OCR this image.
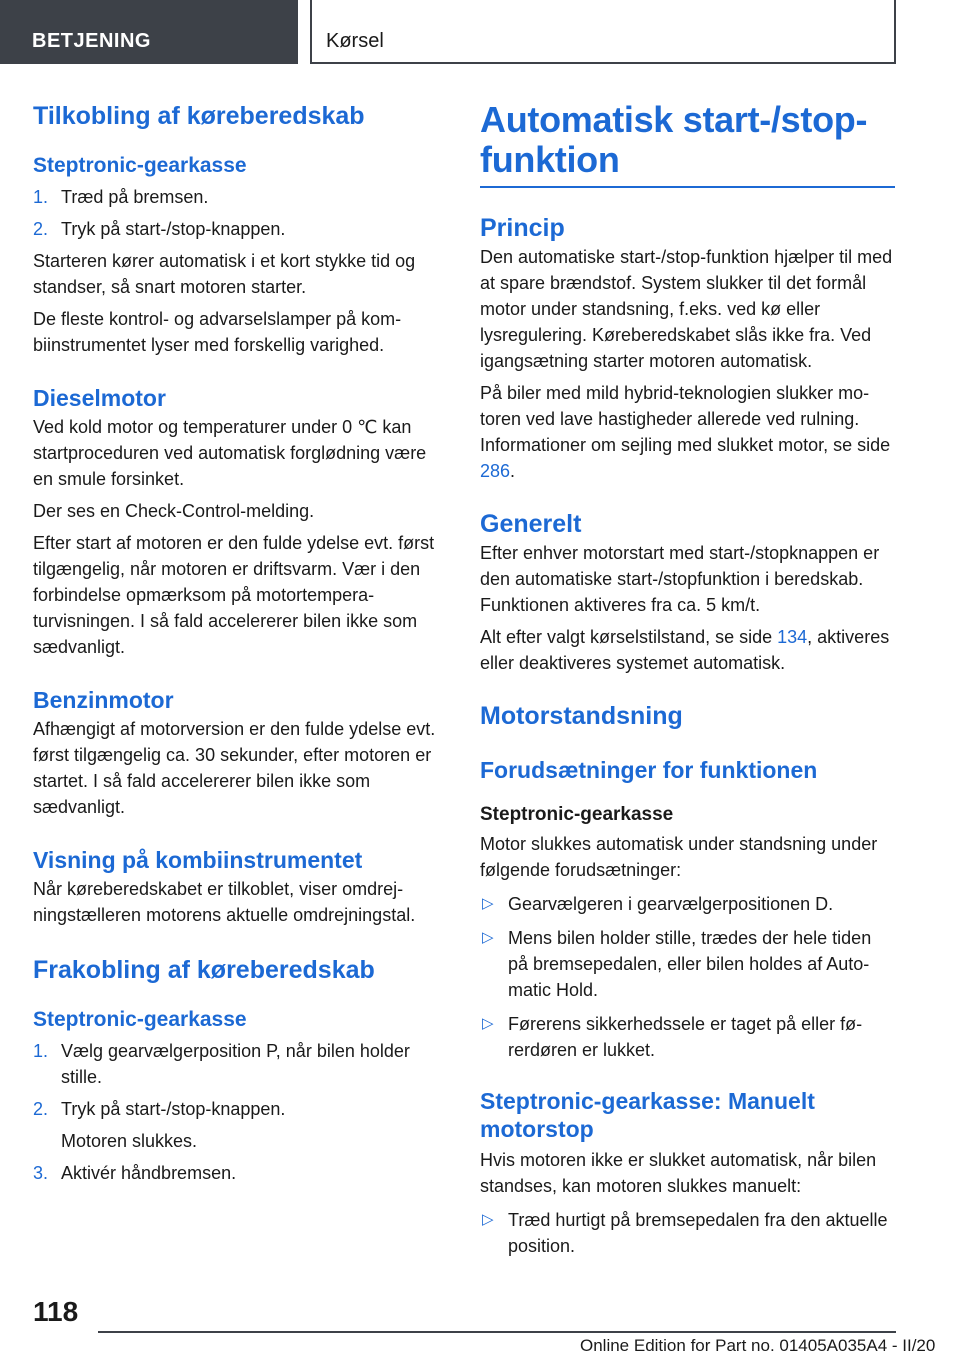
BETJENING	Kørsel
Tilkobling af køreberedskab
Steptronic-gearkasse
1. Træd på bremsen.
2. Tryk på start-/stop-knappen.

Starteren kører automatisk i et kort stykke tid og standser, så snart motoren starter.

De fleste kontrol- og advarselslamper på kombiinstrumentet lyser med forskellig varighed.

Dieselmotor

Ved kold motor og temperaturer under 0 ℃ kan startproceduren ved automatisk forglødning være en smule forsinket.

Der ses en Check-Control-melding.

Efter start af motoren er den fulde ydelse evt. først tilgængelig, når motoren er driftsvarm. Vær i den forbindelse opmærksom på motortemperaturvisningen. I så fald accelererer bilen ikke som sædvanligt.

Benzinmotor

Afhængigt af motorversion er den fulde ydelse evt. først tilgængelig ca. 30 sekunder, efter motoren er startet. I så fald accelererer bilen ikke som sædvanligt.

Visning på kombiinstrumentet

Når køreberedskabet er tilkoblet, viser omdrejningstælleren motorens aktuelle omdrejningstal.

Frakobling af køreberedskab
Steptronic-gearkasse
1. Vælg gearvælgerposition P, når bilen holder stille.
2. Tryk på start-/stop-knappen.
Motoren slukkes.
3. Aktivér håndbremsen.
Automatisk start-/stopfunktion
Princip

Den automatiske start-/stop-funktion hjælper til med at spare brændstof. System slukker til det formål motor under standsning, f.eks. ved kø eller lysregulering. Køreberedskabet slås ikke fra. Ved igangsætning starter motoren automatisk.

På biler med mild hybrid-teknologien slukker motoren ved lave hastigheder allerede ved rulning. Informationer om sejling med slukket motor, se side 286.

Generelt

Efter enhver motorstart med start-/stopknappen er den automatiske start-/stopfunktion i beredskab. Funktionen aktiveres fra ca. 5 km/t.

Alt efter valgt kørselstilstand, se side 134, aktiveres eller deaktiveres systemet automatisk.

Motorstandsning
Forudsætninger for funktionen
Steptronic-gearkasse

Motor slukkes automatisk under standsning under følgende forudsætninger:

▷ Gearvælgeren i gearvælgerpositionen D.
▷ Mens bilen holder stille, trædes der hele tiden på bremsepedalen, eller bilen holdes af Automatic Hold.
▷ Førerens sikkerhedssele er taget på eller førerdøren er lukket.
Steptronic-gearkasse: Manuelt motorstop

Hvis motoren ikke er slukket automatisk, når bilen standses, kan motoren slukkes manuelt:

▷ Træd hurtigt på bremsepedalen fra den aktuelle position.
118
Online Edition for Part no. 01405A035A4 - II/20
